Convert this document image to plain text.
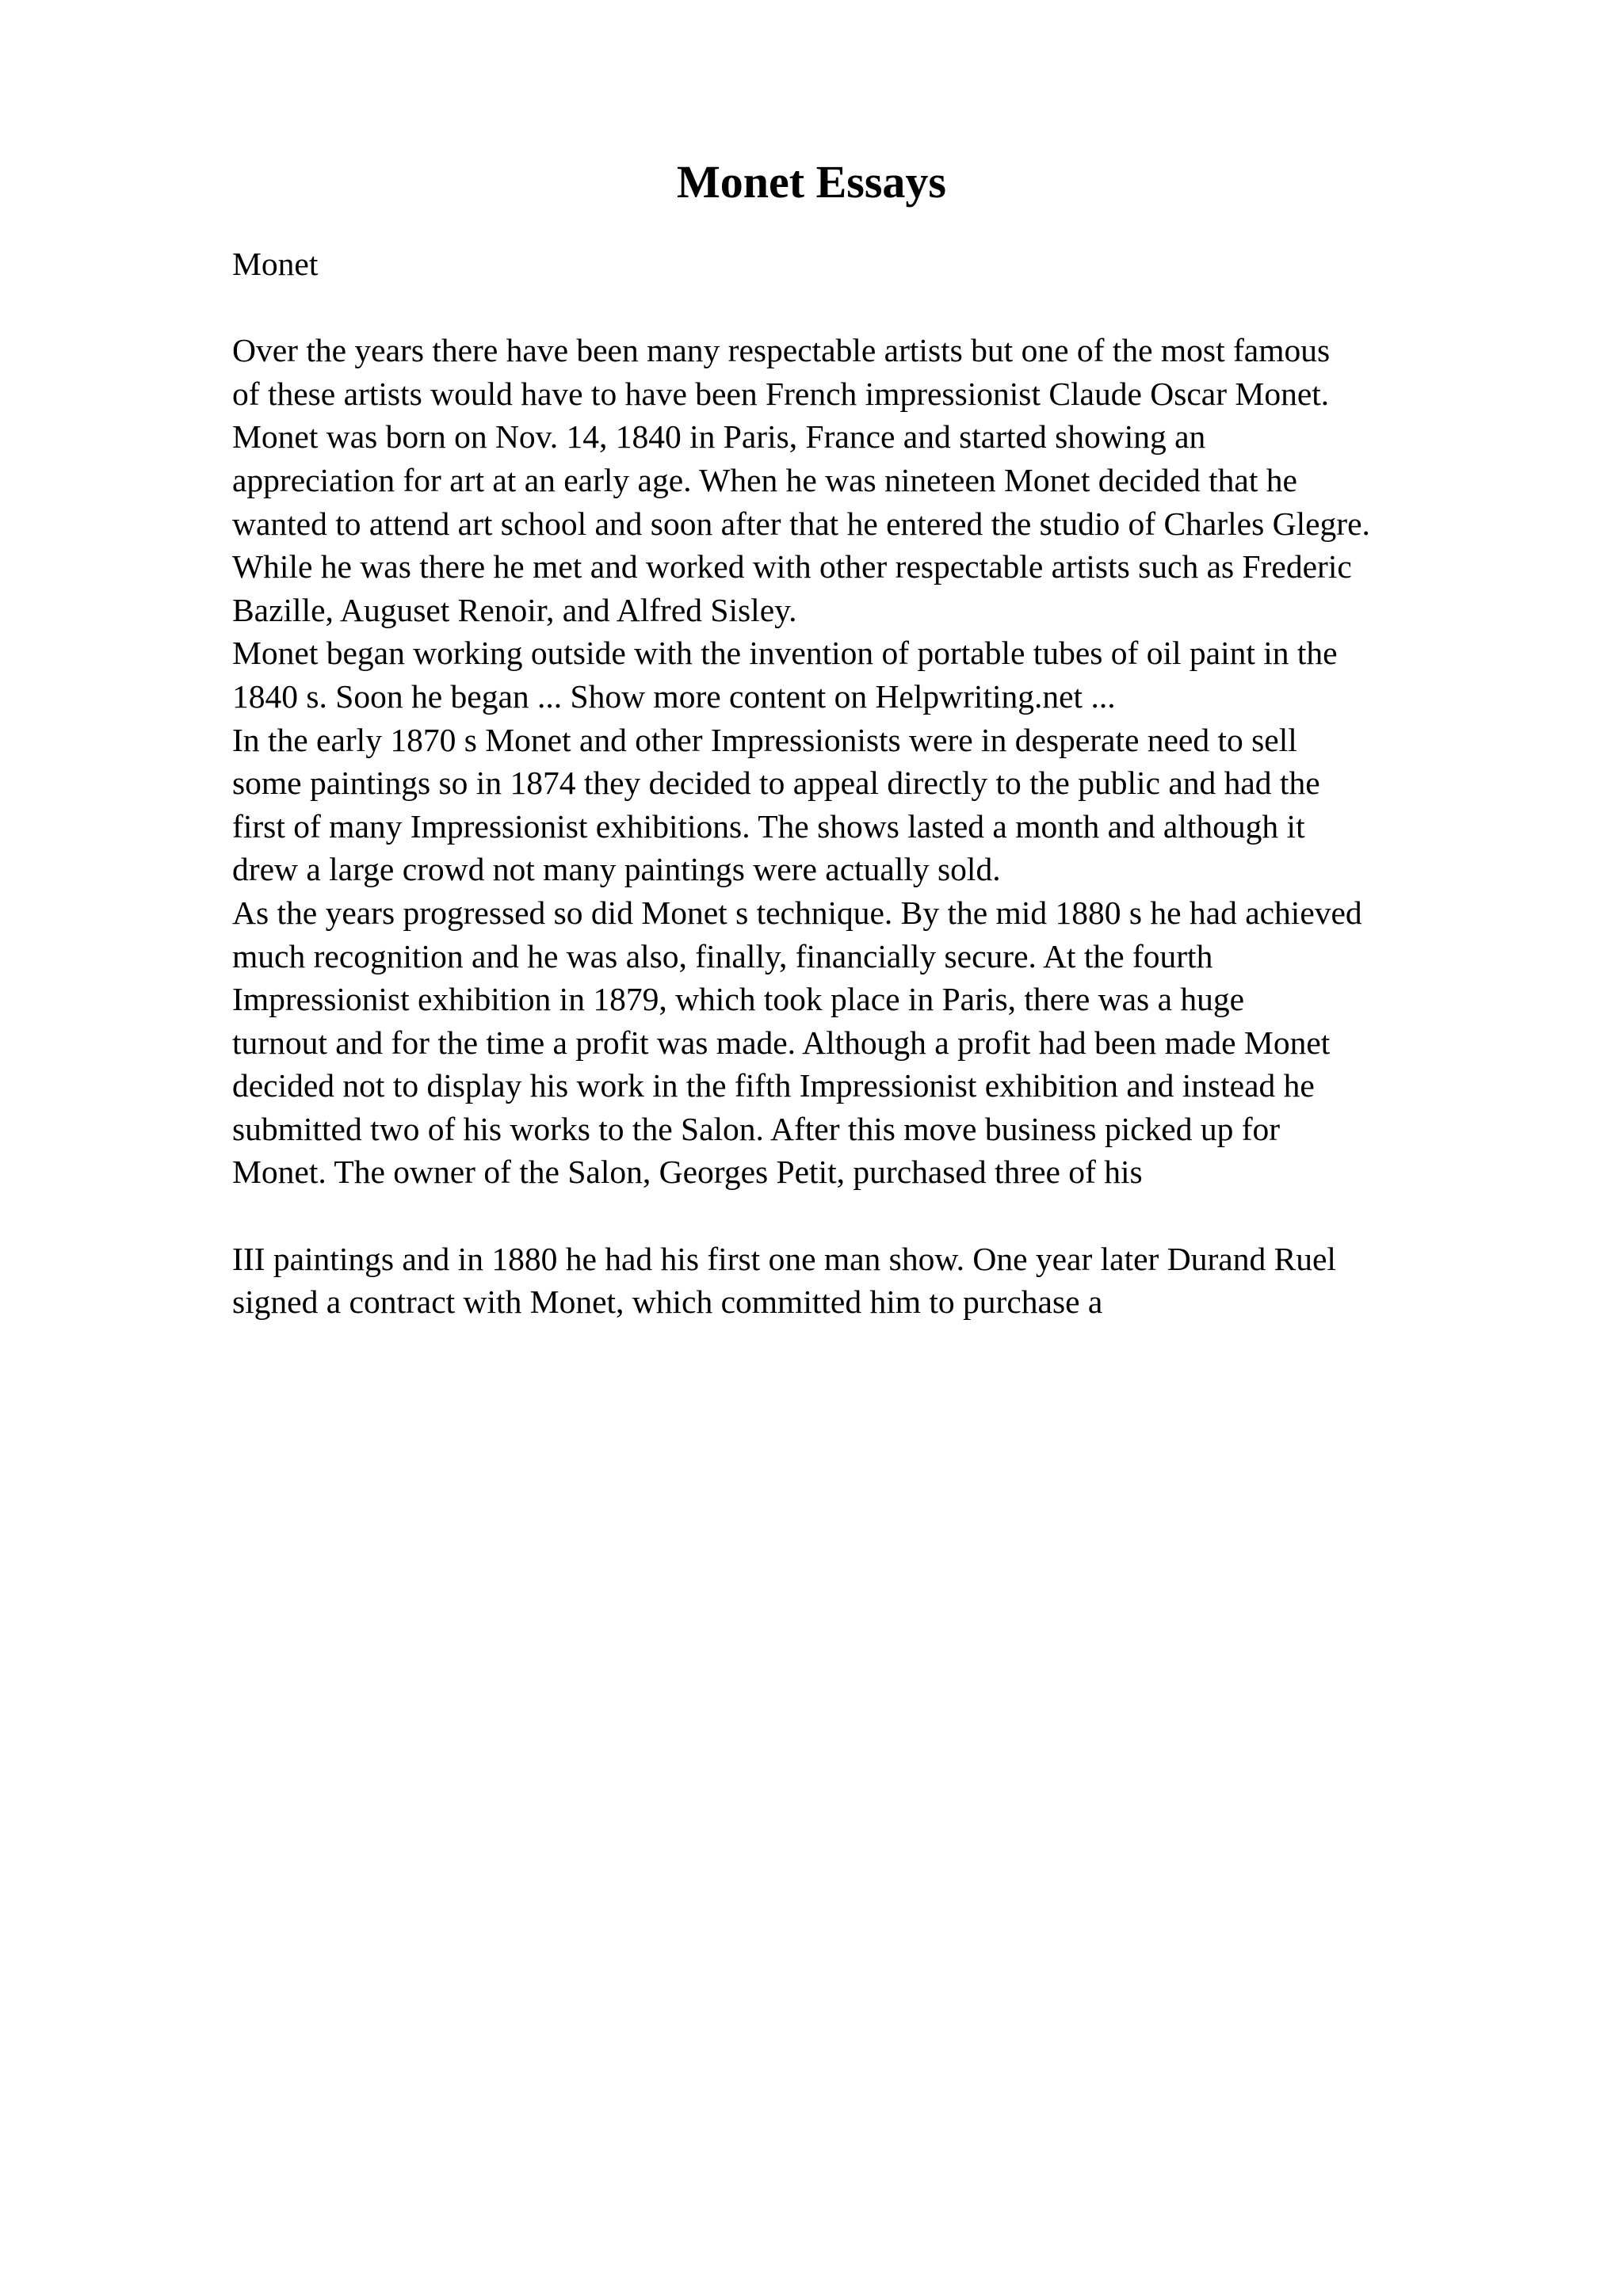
Monet Essays
Monet
Over the years there have been many respectable artists but one of the most famous
of these artists would have to have been French impressionist Claude Oscar Monet.
Monet was born on Nov. 14, 1840 in Paris, France and started showing an
appreciation for art at an early age. When he was nineteen Monet decided that he
wanted to attend art school and soon after that he entered the studio of Charles Glegre.
While he was there he met and worked with other respectable artists such as Frederic
Bazille, Auguset Renoir, and Alfred Sisley.
Monet began working outside with the invention of portable tubes of oil paint in the
1840 s. Soon he began ... Show more content on Helpwriting.net ...
In the early 1870 s Monet and other Impressionists were in desperate need to sell
some paintings so in 1874 they decided to appeal directly to the public and had the
first of many Impressionist exhibitions. The shows lasted a month and although it
drew a large crowd not many paintings were actually sold.
As the years progressed so did Monet s technique. By the mid 1880 s he had achieved
much recognition and he was also, finally, financially secure. At the fourth
Impressionist exhibition in 1879, which took place in Paris, there was a huge
turnout and for the time a profit was made. Although a profit had been made Monet
decided not to display his work in the fifth Impressionist exhibition and instead he
submitted two of his works to the Salon. After this move business picked up for
Monet. The owner of the Salon, Georges Petit, purchased three of his
III paintings and in 1880 he had his first one man show. One year later Durand Ruel
signed a contract with Monet, which committed him to purchase a
